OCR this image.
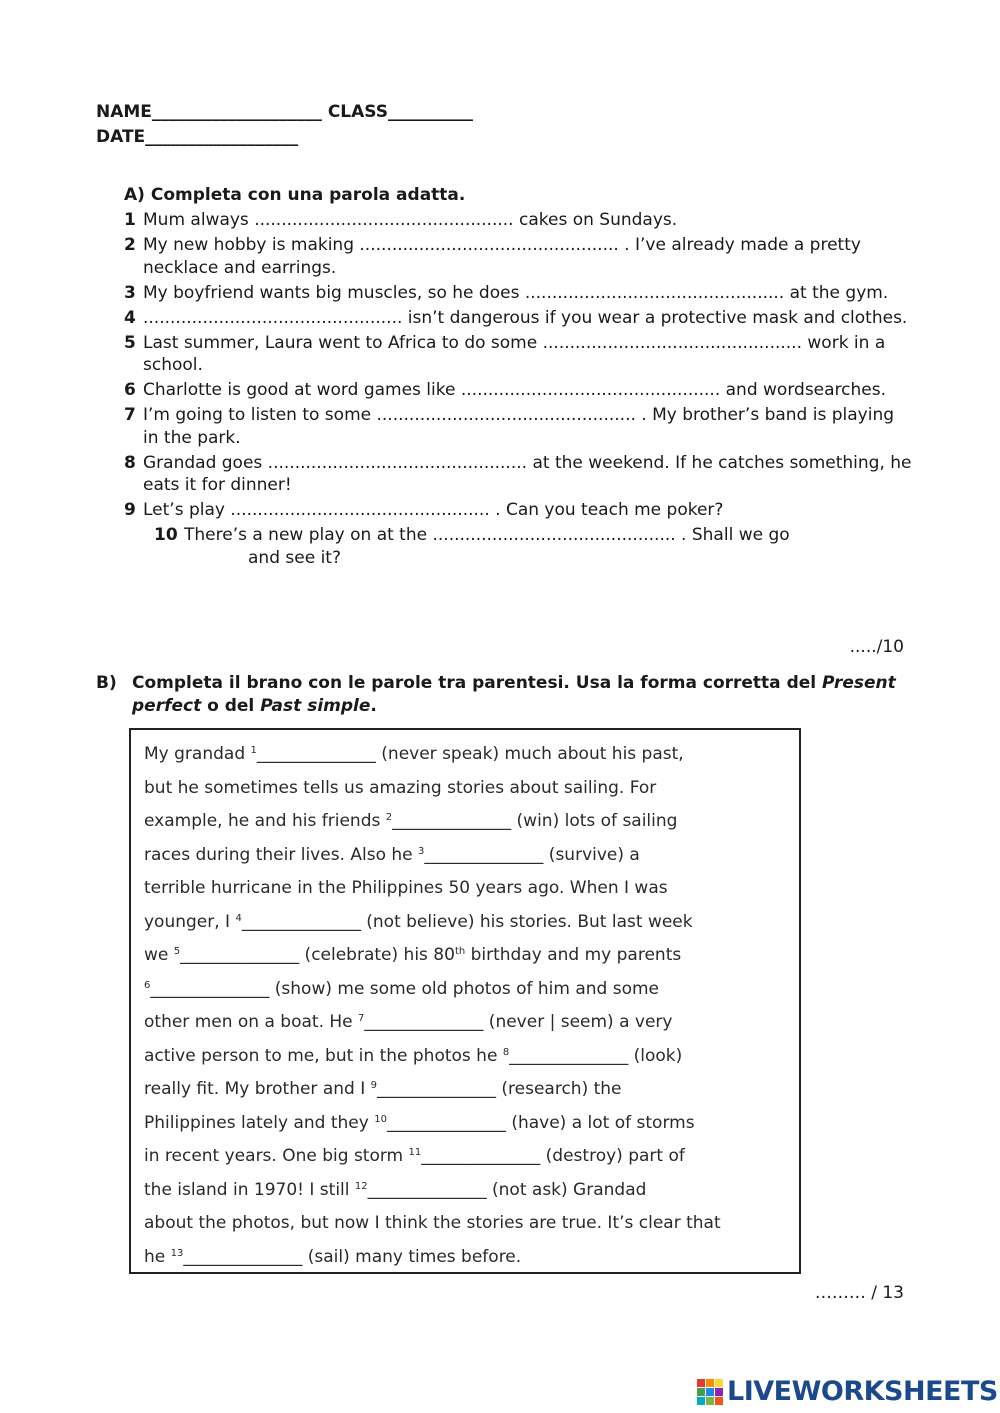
NAME____________________ CLASS__________
DATE__________________
A) Completa con una parola adatta.
1 Mum always ................................................ cakes on Sundays.
2 My new hobby is making ................................................ . I’ve already made a pretty necklace and earrings.
3 My boyfriend wants big muscles, so he does ................................................ at the gym.
4 ................................................ isn’t dangerous if you wear a protective mask and clothes.
5 Last summer, Laura went to Africa to do some ................................................ work in a school.
6 Charlotte is good at word games like ................................................ and wordsearches.
7 I’m going to listen to some ................................................ . My brother’s band is playing in the park.
8 Grandad goes ................................................ at the weekend. If he catches something, he eats it for dinner!
9 Let’s play ................................................ . Can you teach me poker?
10 There’s a new play on at the ............................................. . Shall we go
and see it?
...../10
B) Completa il brano con le parole tra parentesi. Usa la forma corretta del Present perfect o del Past simple.
My grandad $^1$______________ (never speak) much about his past,
but he sometimes tells us amazing stories about sailing. For
example, he and his friends $^2$______________ (win) lots of sailing
races during their lives. Also he $^3$______________ (survive) a
terrible hurricane in the Philippines 50 years ago. When I was
younger, I $^4$______________ (not believe) his stories. But last week
we $^5$______________ (celebrate) his 80th birthday and my parents
$^6$______________ (show) me some old photos of him and some
other men on a boat. He $^7$______________ (never | seem) a very
active person to me, but in the photos he $^8$______________ (look)
really fit. My brother and I $^9$______________ (research) the
Philippines lately and they $^{10}$______________ (have) a lot of storms
in recent years. One big storm $^{11}$______________ (destroy) part of
the island in 1970! I still $^{12}$______________ (not ask) Grandad
about the photos, but now I think the stories are true. It’s clear that
he $^{13}$______________ (sail) many times before.
……… / 13
LIVEWORKSHEETS
